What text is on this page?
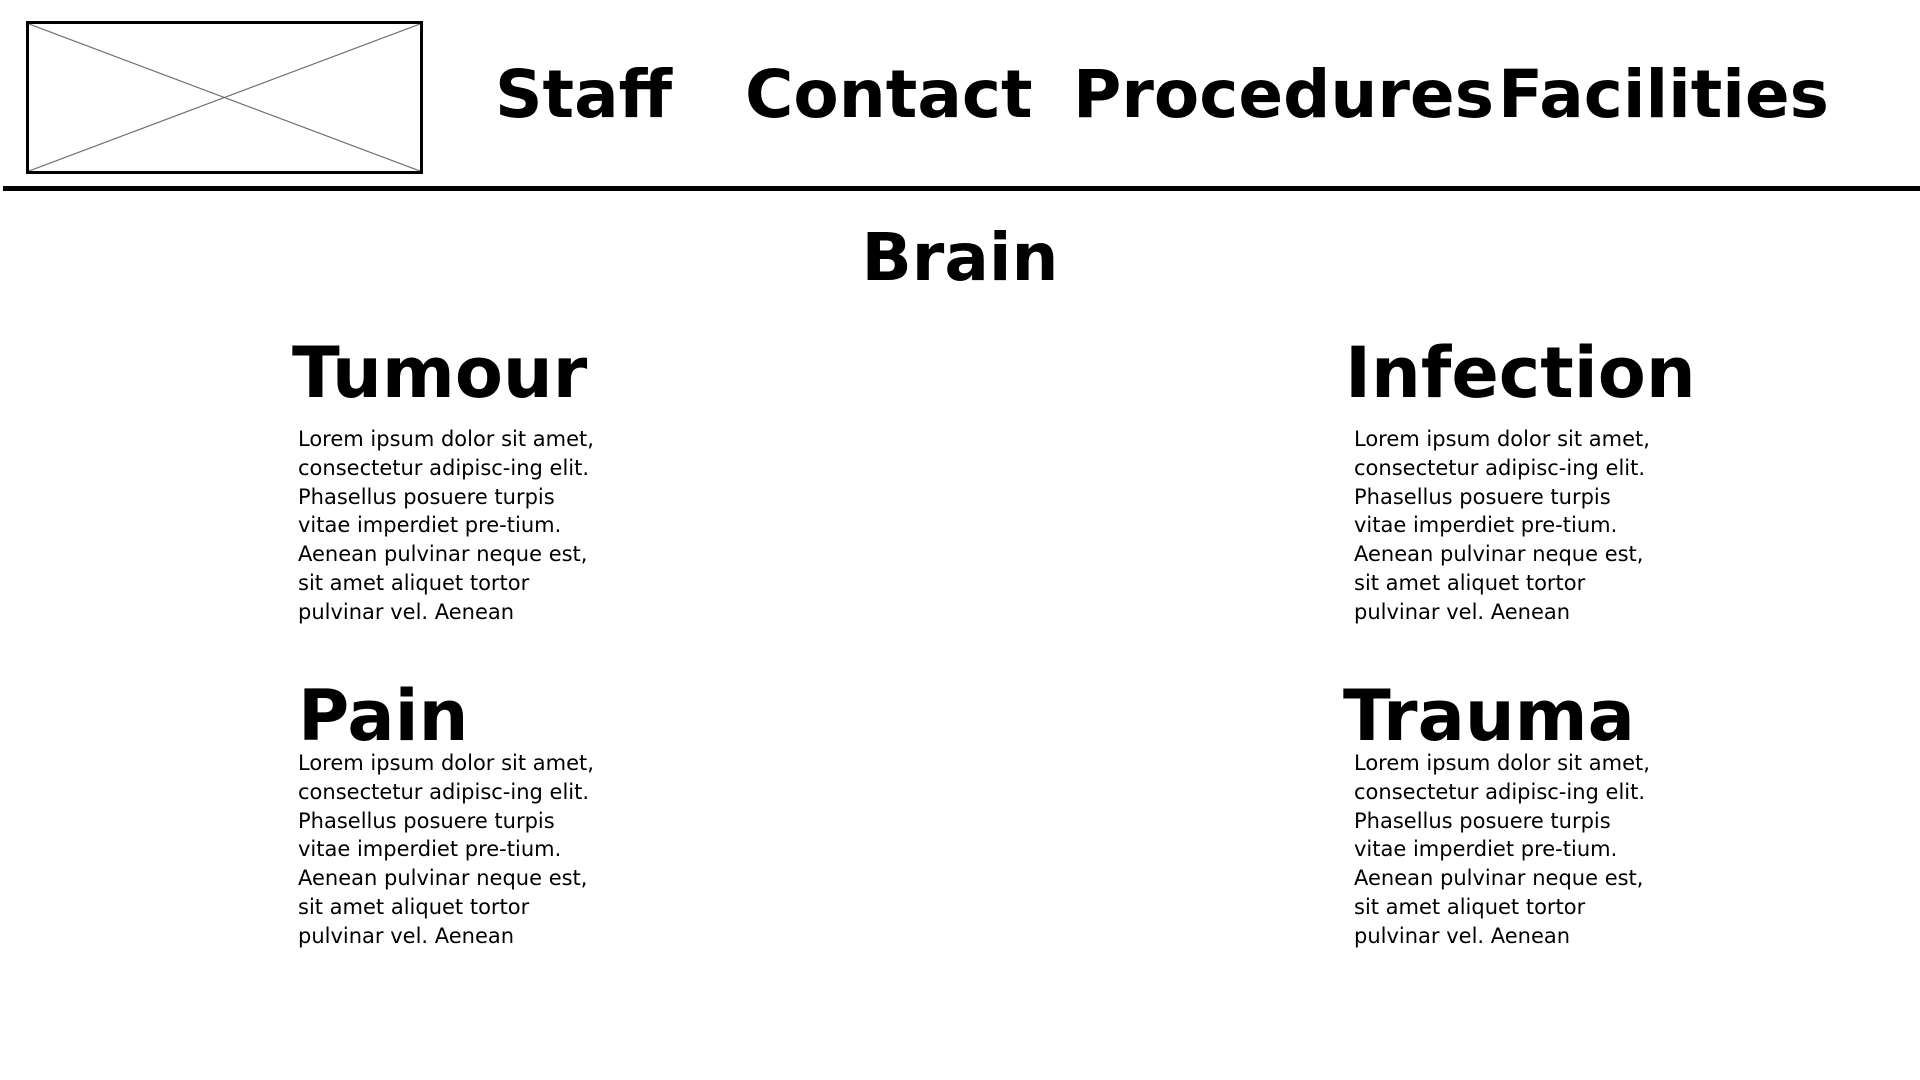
Staff Contact Procedures Facilities
Brain
Tumour

Lorem ipsum dolor sit amet, consectetur adipisc-ing elit. Phasellus posuere turpis vitae imperdiet pre-tium. Aenean pulvinar neque est, sit amet aliquet tortor pulvinar vel. Aenean

Infection

Lorem ipsum dolor sit amet, consectetur adipisc-ing elit. Phasellus posuere turpis vitae imperdiet pre-tium. Aenean pulvinar neque est, sit amet aliquet tortor pulvinar vel. Aenean

Pain

Lorem ipsum dolor sit amet, consectetur adipisc-ing elit. Phasellus posuere turpis vitae imperdiet pre-tium. Aenean pulvinar neque est, sit amet aliquet tortor pulvinar vel. Aenean

Trauma

Lorem ipsum dolor sit amet, consectetur adipisc-ing elit. Phasellus posuere turpis vitae imperdiet pre-tium. Aenean pulvinar neque est, sit amet aliquet tortor pulvinar vel. Aenean
